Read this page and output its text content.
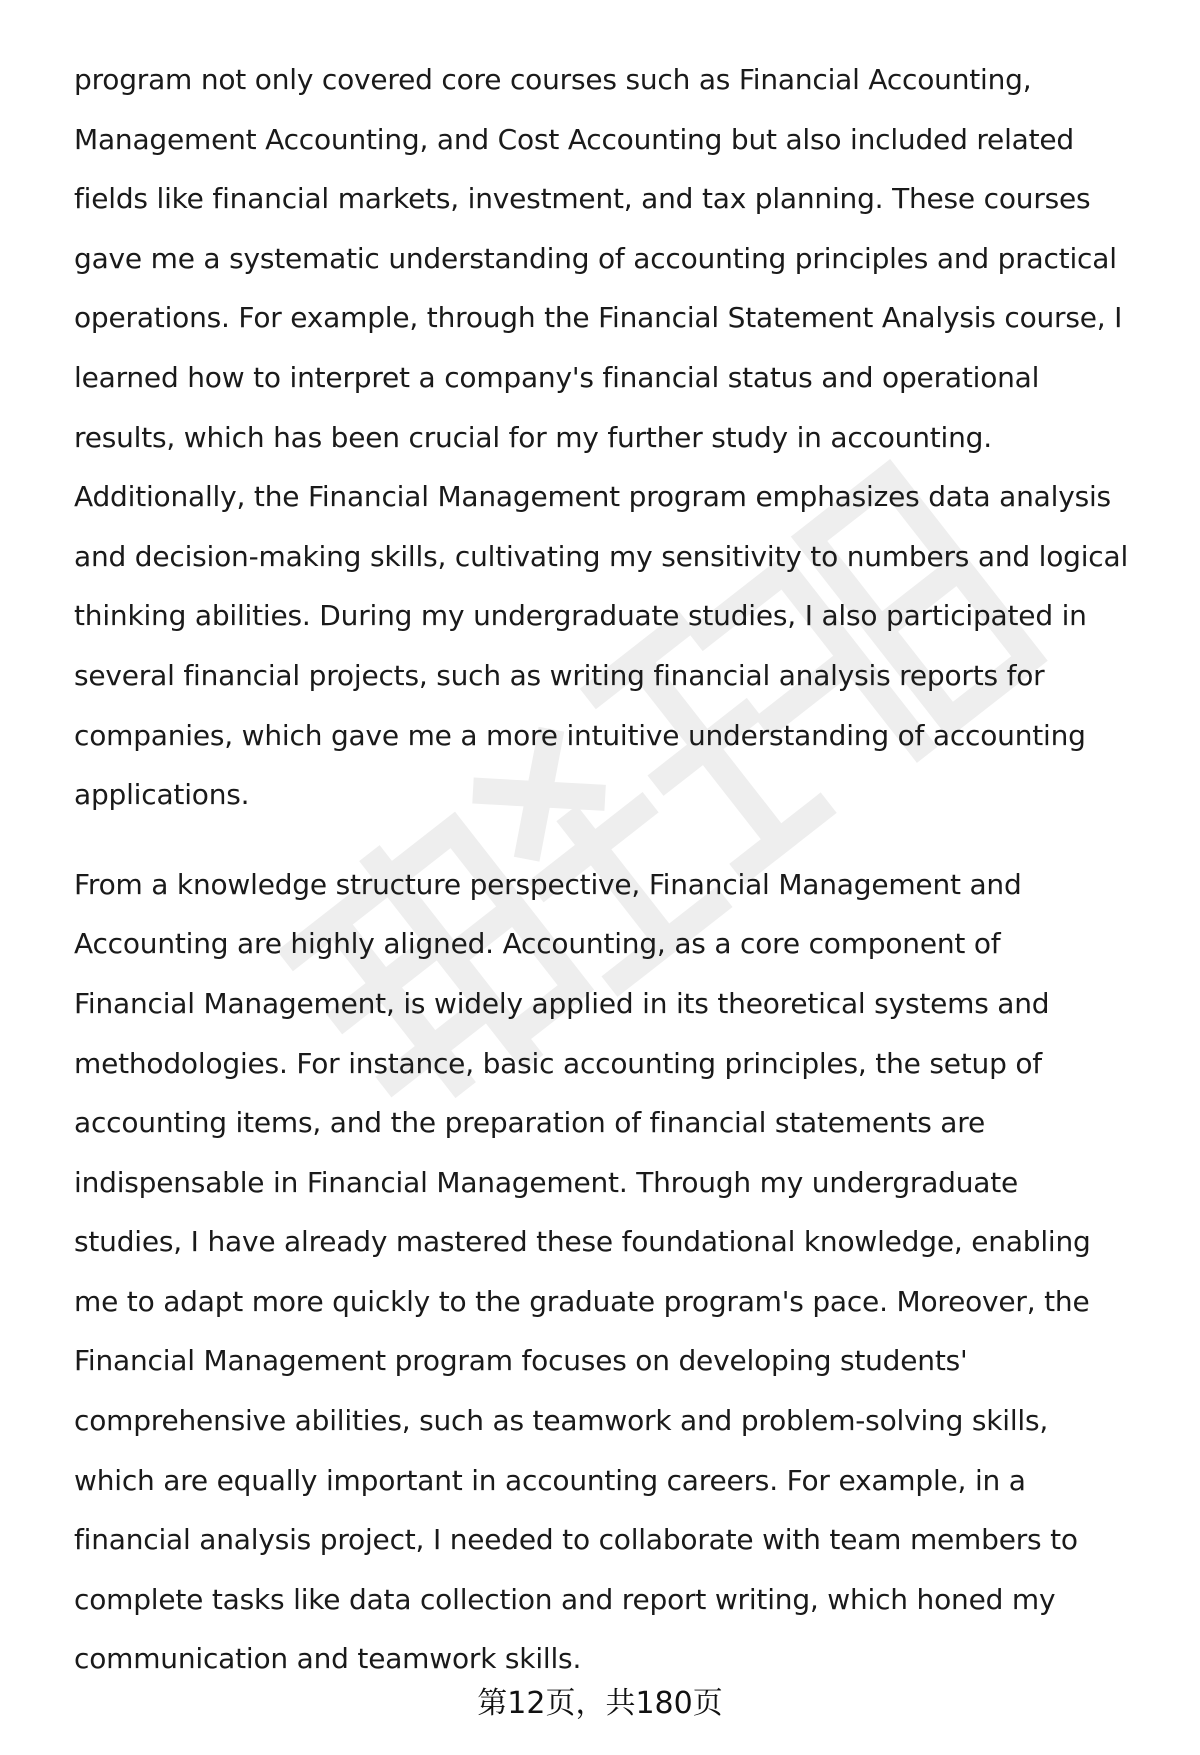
program not only covered core courses such as Financial Accounting,
Management Accounting, and Cost Accounting but also included related
fields like financial markets, investment, and tax planning. These courses
gave me a systematic understanding of accounting principles and practical
operations. For example, through the Financial Statement Analysis course, I
learned how to interpret a company's financial status and operational
results, which has been crucial for my further study in accounting.
Additionally, the Financial Management program emphasizes data analysis
and decision-making skills, cultivating my sensitivity to numbers and logical
thinking abilities. During my undergraduate studies, I also participated in
several financial projects, such as writing financial analysis reports for
companies, which gave me a more intuitive understanding of accounting
applications.

From a knowledge structure perspective, Financial Management and
Accounting are highly aligned. Accounting, as a core component of
Financial Management, is widely applied in its theoretical systems and
methodologies. For instance, basic accounting principles, the setup of
accounting items, and the preparation of financial statements are
indispensable in Financial Management. Through my undergraduate
studies, I have already mastered these foundational knowledge, enabling
me to adapt more quickly to the graduate program's pace. Moreover, the
Financial Management program focuses on developing students'
comprehensive abilities, such as teamwork and problem-solving skills,
which are equally important in accounting careers. For example, in a
financial analysis project, I needed to collaborate with team members to
complete tasks like data collection and report writing, which honed my
communication and teamwork skills.

第12页，共180页
